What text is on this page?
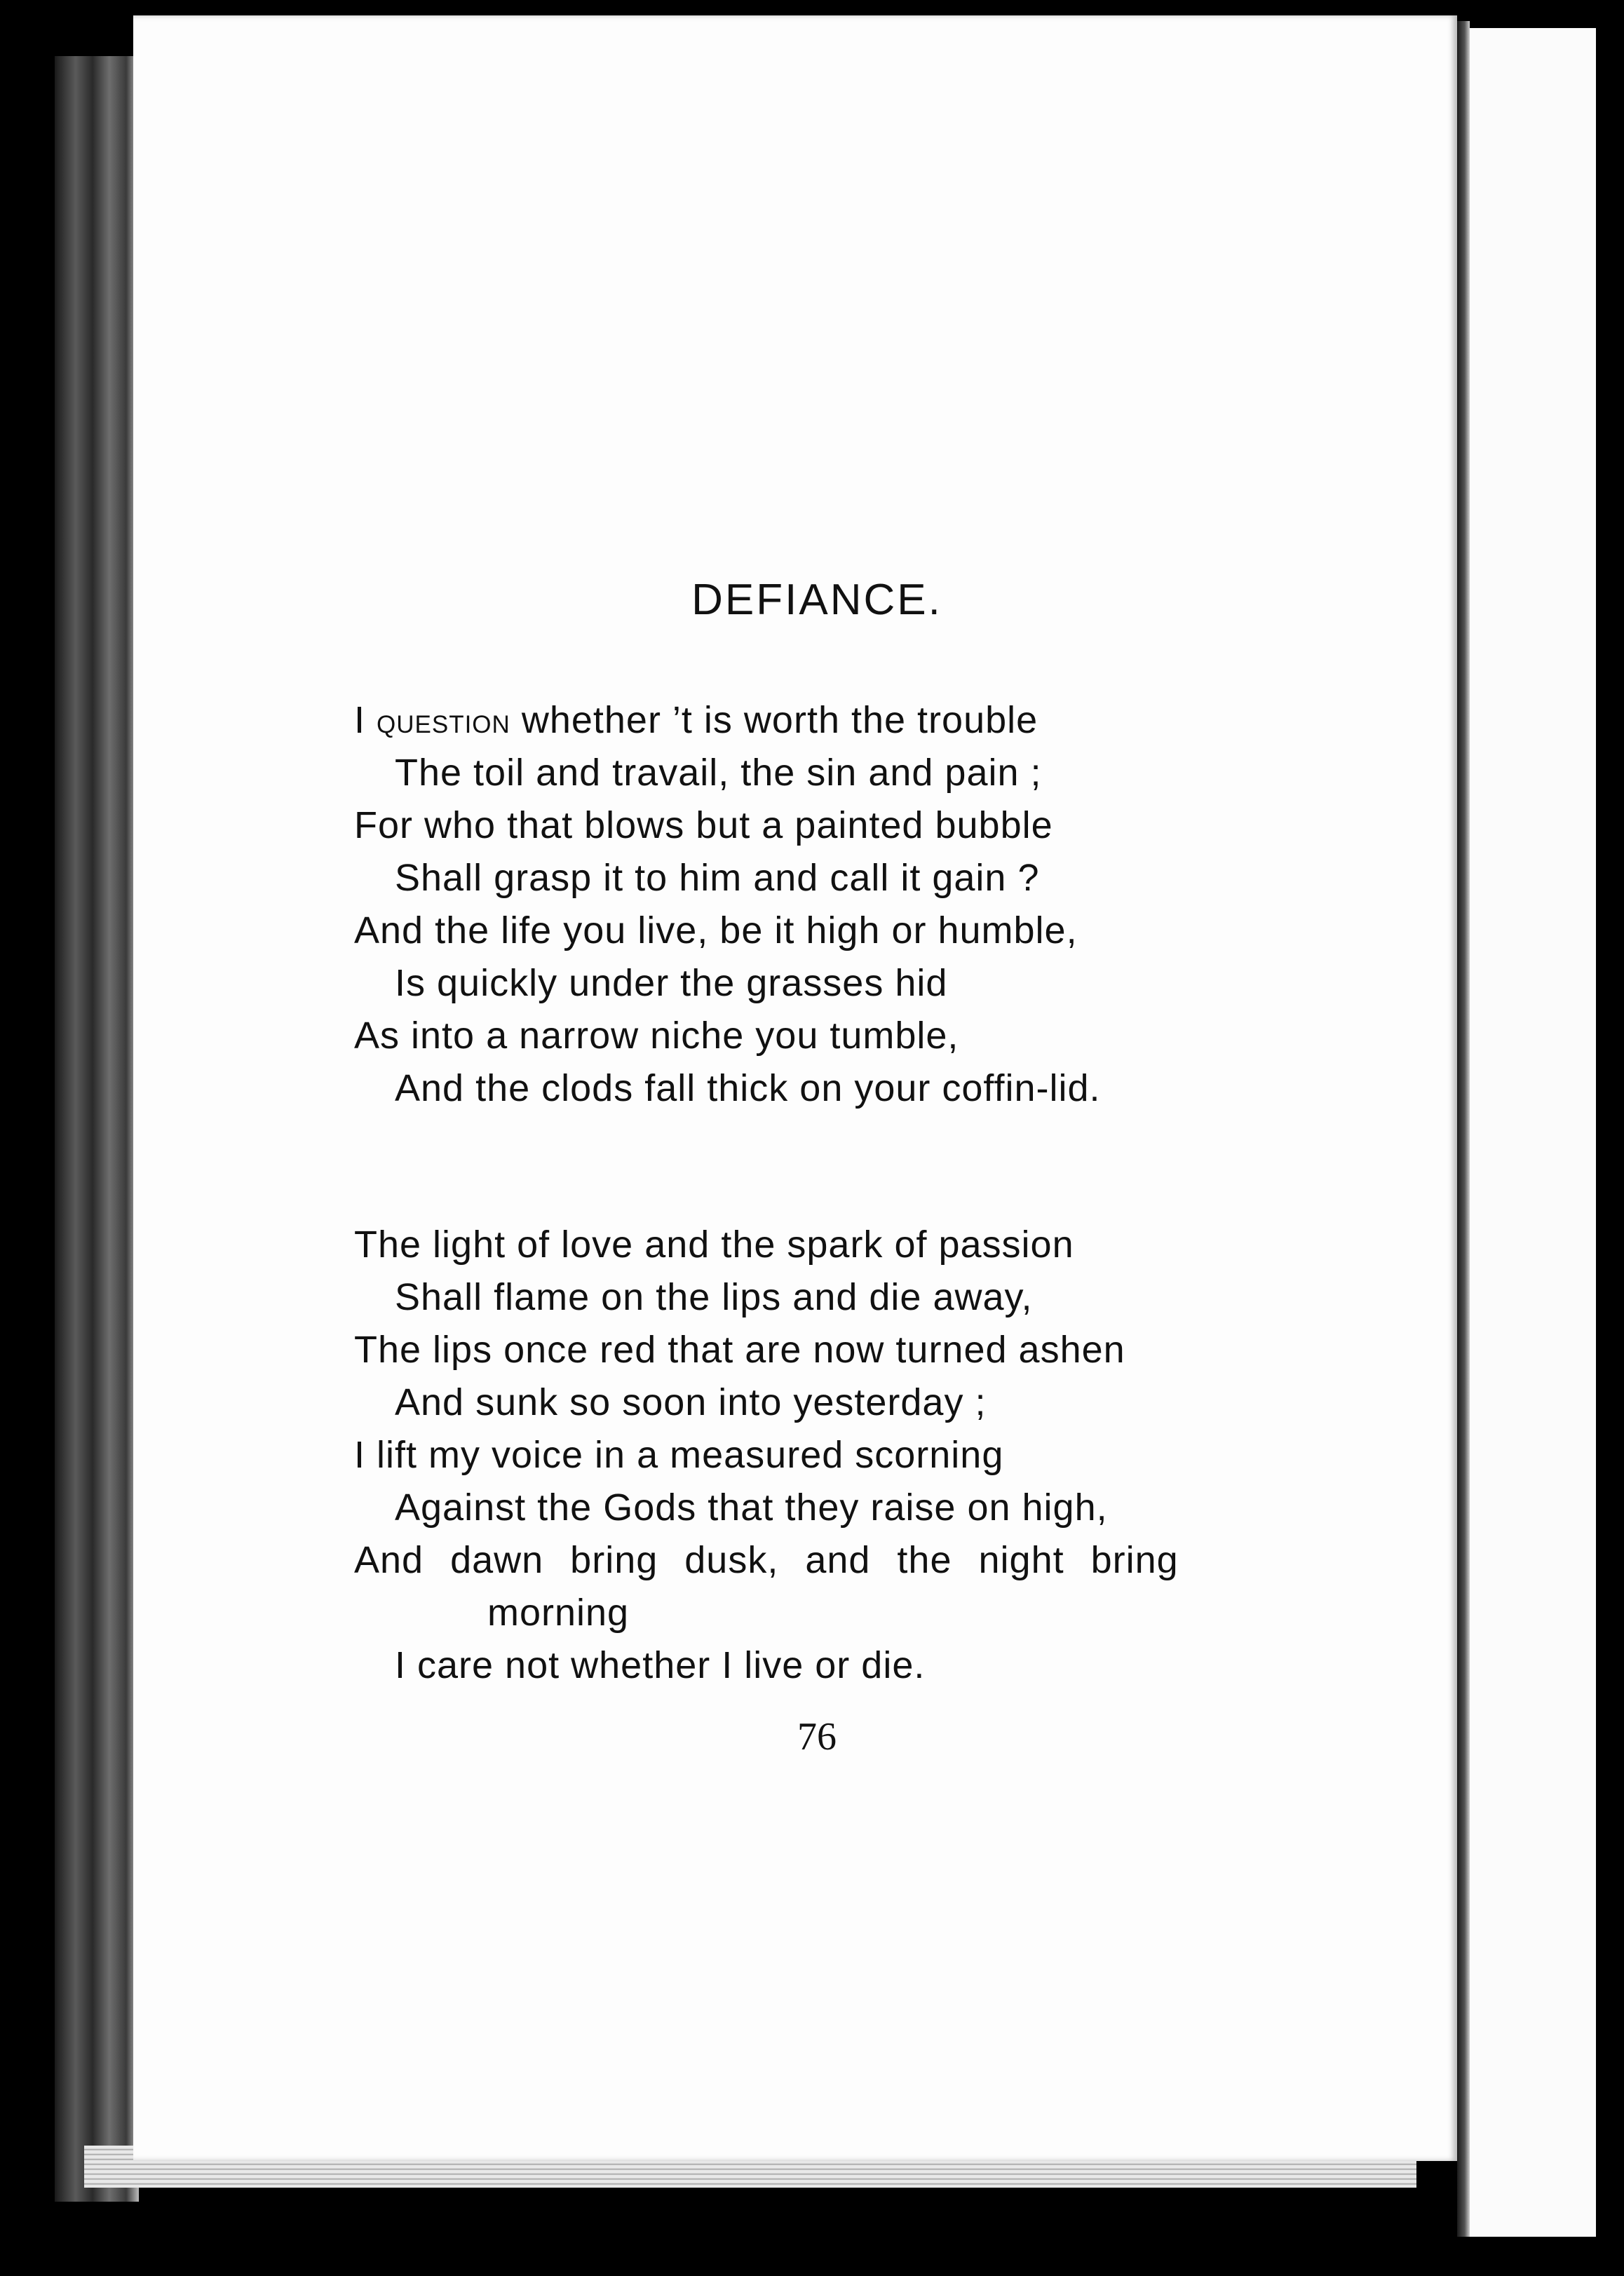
DEFIANCE.

I question whether ’t is worth the trouble
The toil and travail, the sin and pain ;
For who that blows but a painted bubble
Shall grasp it to him and call it gain ?
And the life you live, be it high or humble,
Is quickly under the grasses hid
As into a narrow niche you tumble,
And the clods fall thick on your coffin-lid.

The light of love and the spark of passion
Shall flame on the lips and die away,
The lips once red that are now turned ashen
And sunk so soon into yesterday ;
I lift my voice in a measured scorning
Against the Gods that they raise on high,
And dawn bring dusk, and the night bring
morning
I care not whether I live or die.

76
